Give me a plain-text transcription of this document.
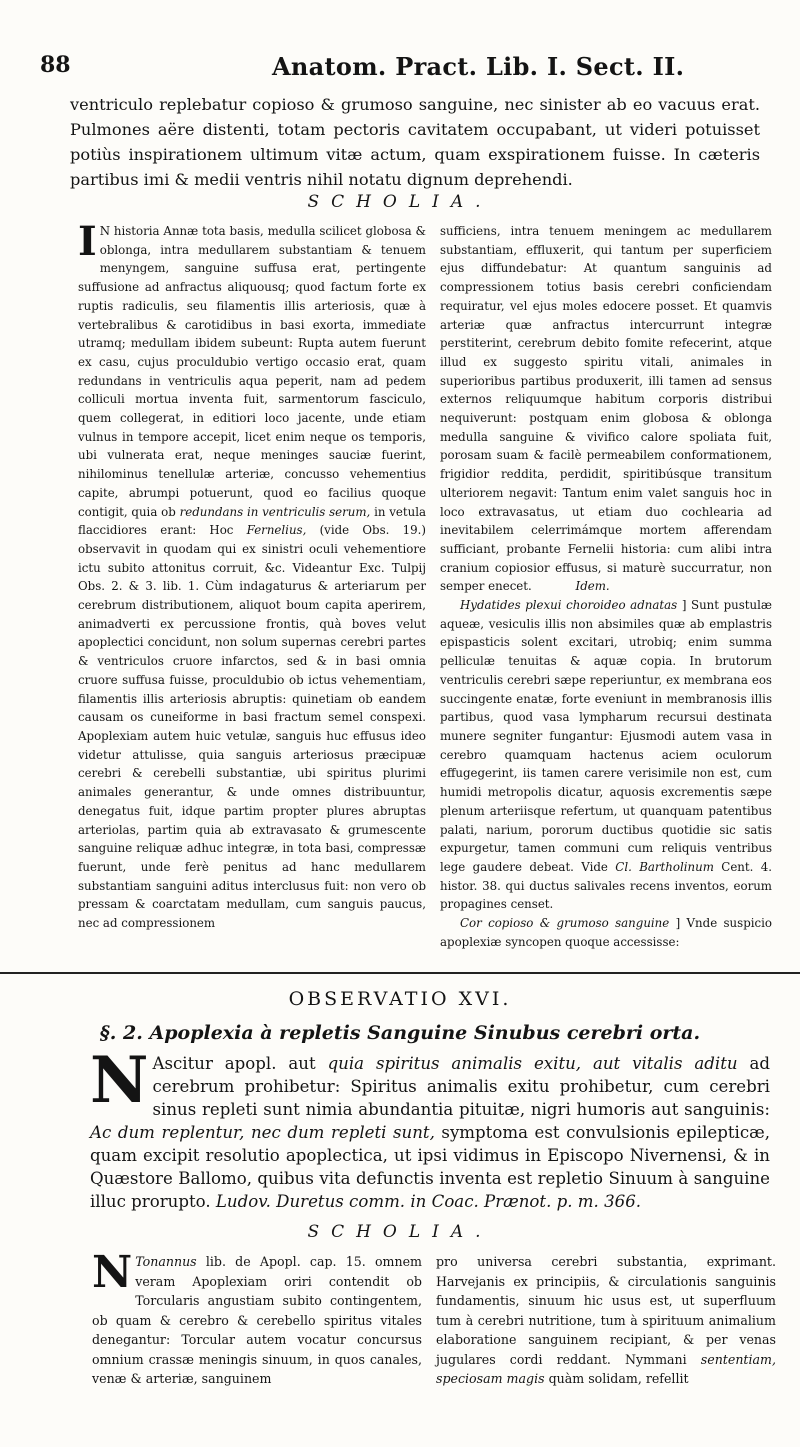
88	Anatom. Pract. Lib. I. Sect. II.
ventriculo replebatur copioso & grumoso sanguine, nec sinister ab eo vacuus erat. Pulmones aëre distenti, totam pectoris cavitatem occupabant, ut videri potuisset potiùs inspirationem ultimum vitæ actum, quam exspirationem fuisse. In cæteris partibus imi & medii ventris nihil notatu dignum deprehendi.
SCHOLIA.

I N historia Annæ tota basis, medulla scilicet globosa & oblonga, intra medullarem substantiam & tenuem menyngem, sanguine suffusa erat, pertingente suffusione ad anfractus aliquousq; quod factum forte ex ruptis radiculis, seu filamentis illis arteriosis, quæ à vertebralibus & carotidibus in basi exorta, immediate utramq; medullam ibidem subeunt: Rupta autem fuerunt ex casu, cujus proculdubio vertigo occasio erat, quam redundans in ventriculis aqua peperit, nam ad pedem colliculi mortua inventa fuit, sarmentorum fasciculo, quem collegerat, in editiori loco jacente, unde etiam vulnus in tempore accepit, licet enim neque os temporis, ubi vulnerata erat, neque meninges sauciæ fuerint, nihilominus tenellulæ arteriæ, concusso vehementius capite, abrumpi potuerunt, quod eo facilius quoque contigit, quia ob redundans in ventriculis serum, in vetula flaccidiores erant: Hoc Fernelius, (vide Obs. 19.) observavit in quodam qui ex sinistri oculi vehementiore ictu subito attonitus corruit, &c. Videantur Exc. Tulpij Obs. 2. & 3. lib. 1. Cùm indagaturus & arteriarum per cerebrum distributionem, aliquot boum capita aperirem, animadverti ex percussione frontis, quà boves velut apoplectici concidunt, non solum supernas cerebri partes & ventriculos cruore infarctos, sed & in basi omnia cruore suffusa fuisse, proculdubio ob ictus vehementiam, filamentis illis arteriosis abruptis: quinetiam ob eandem causam os cuneiforme in basi fractum semel conspexi. Apoplexiam autem huic vetulæ, sanguis huc effusus ideo videtur attulisse, quia sanguis arteriosus præcipuæ cerebri & cerebelli substantiæ, ubi spiritus plurimi animales generantur, & unde omnes distribuuntur, denegatus fuit, idque partim propter plures abruptas arteriolas, partim quia ab extravasato & grumescente sanguine reliquæ adhuc integræ, in tota basi, compressæ fuerunt, unde ferè penitus ad hanc medullarem substantiam sanguini aditus interclusus fuit: non vero ob pressam & coarctatam medullam, cum sanguis paucus, nec ad compressionem

sufficiens, intra tenuem meningem ac medullarem substantiam, effluxerit, qui tantum per superficiem ejus diffundebatur: At quantum sanguinis ad compressionem totius basis cerebri conficiendam requiratur, vel ejus moles edocere posset. Et quamvis arteriæ quæ anfractus intercurrunt integræ perstiterint, cerebrum debito fomite refecerint, atque illud ex suggesto spiritu vitali, animales in superioribus partibus produxerit, illi tamen ad sensus externos reliquumque habitum corporis distribui nequiverunt: postquam enim globosa & oblonga medulla sanguine & vivifico calore spoliata fuit, porosam suam & facilè permeabilem conformationem, frigidior reddita, perdidit, spiritibúsque transitum ulteriorem negavit: Tantum enim valet sanguis hoc in loco extravasatus, ut etiam duo cochlearia ad inevitabilem celerrimámque mortem afferendam sufficiant, probante Fernelii historia: cum alibi intra cranium copiosior effusus, si maturè succurratur, non semper enecet.	Idem.

Hydatides plexui choroideo adnatas ] Sunt pustulæ aqueæ, vesiculis illis non absimiles quæ ab emplastris epispasticis solent excitari, utrobiq; enim summa pelliculæ tenuitas & aquæ copia. In brutorum ventriculis cerebri sæpe reperiuntur, ex membrana eos succingente enatæ, forte eveniunt in membranosis illis partibus, quod vasa lympharum recursui destinata munere segniter fungantur: Ejusmodi autem vasa in cerebro quamquam hactenus aciem oculorum effugegerint, iis tamen carere verisimile non est, cum humidi metropolis dicatur, aquosis excrementis sæpe plenum arteriisque refertum, ut quanquam patentibus palati, narium, pororum ductibus quotidie sic satis expurgetur, tamen communi cum reliquis ventribus lege gaudere debeat. Vide Cl. Bartholinum Cent. 4. histor. 38. qui ductus salivales recens inventos, eorum propagines censet.

Cor copioso & grumoso sanguine ] Vnde suspicio apoplexiæ syncopen quoque accessisse:

OBSERVATIO XVI.
§. 2. Apoplexia à repletis Sanguine Sinubus cerebri orta.
N Ascitur apopl. aut quia spiritus animalis exitu, aut vitalis aditu ad cerebrum prohibetur: Spiritus animalis exitu prohibetur, cum cerebri sinus repleti sunt nimia abundantia pituitæ, nigri humoris aut sanguinis: Ac dum replentur, nec dum repleti sunt, symptoma est convulsionis epilepticæ, quam excipit resolutio apoplectica, ut ipsi vidimus in Episcopo Nivernensi, & in Quæstore Ballomo, quibus vita defunctis inventa est repletio Sinuum à sanguine illuc prorupto. Ludov. Duretus comm. in Coac. Prænot. p. m. 366.
SCHOLIA.

N Tonannus lib. de Apopl. cap. 15. omnem veram Apoplexiam oriri contendit ob Torcularis angustiam subito contingentem, ob quam & cerebro & cerebello spiritus vitales denegantur: Torcular autem vocatur concursus omnium crassæ meningis sinuum, in quos canales, venæ & arteriæ, sanguinem

pro universa cerebri substantia, exprimant. Harvejanis ex principiis, & circulationis sanguinis fundamentis, sinuum hic usus est, ut superfluum tum à cerebri nutritione, tum à spirituum animalium elaboratione sanguinem recipiant, & per venas jugulares cordi reddant. Nymmani sententiam, speciosam magis quàm solidam, refellit
